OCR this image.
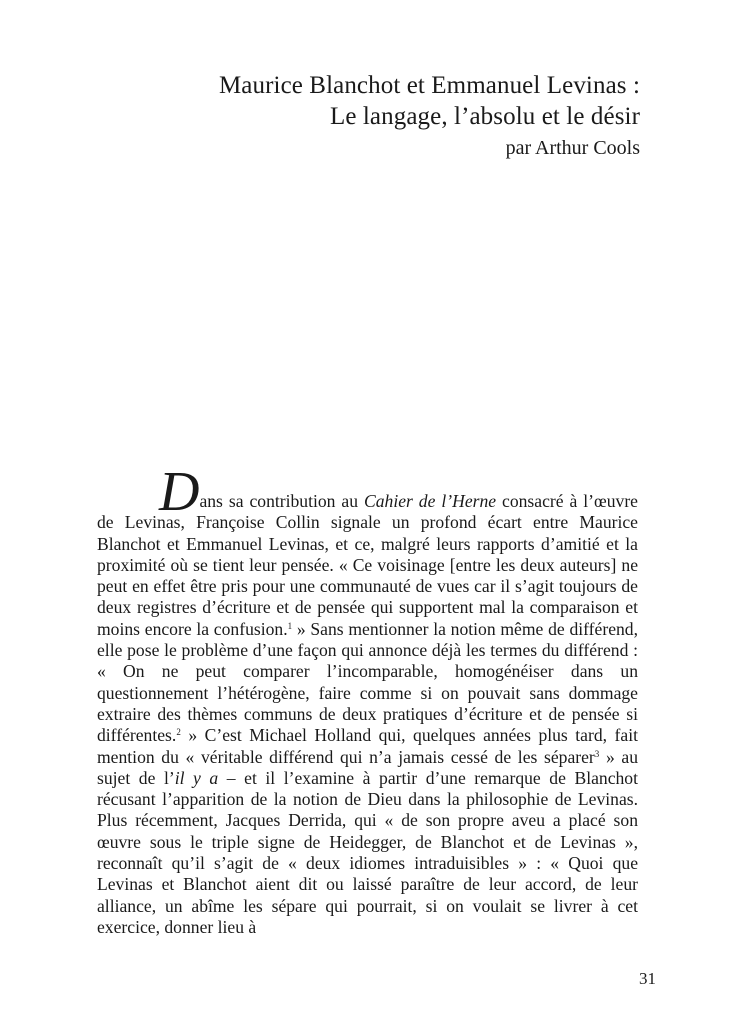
Maurice Blanchot et Emmanuel Levinas :
Le langage, l’absolu et le désir
par Arthur Cools
Dans sa contribution au Cahier de l’Herne consacré à l’œuvre de Levinas, Françoise Collin signale un profond écart entre Maurice Blanchot et Emmanuel Levinas, et ce, malgré leurs rapports d’amitié et la proximité où se tient leur pensée. « Ce voisinage [entre les deux auteurs] ne peut en effet être pris pour une communauté de vues car il s’agit toujours de deux registres d’écriture et de pensée qui supportent mal la comparaison et moins encore la confusion.$^1$ » Sans mentionner la notion même de différend, elle pose le problème d’une façon qui annonce déjà les termes du différend : « On ne peut comparer l’incomparable, homogénéiser dans un questionnement l’hétérogène, faire comme si on pouvait sans dommage extraire des thèmes communs de deux pratiques d’écriture et de pensée si différentes.$^2$ » C’est Michael Holland qui, quelques années plus tard, fait mention du « véritable différend qui n’a jamais cessé de les séparer$^3$ » au sujet de l’il y a – et il l’examine à partir d’une remarque de Blanchot récusant l’apparition de la notion de Dieu dans la philosophie de Levinas. Plus récemment, Jacques Derrida, qui « de son propre aveu a placé son œuvre sous le triple signe de Heidegger, de Blanchot et de Levinas », reconnaît qu’il s’agit de « deux idiomes intraduisibles » : « Quoi que Levinas et Blanchot aient dit ou laissé paraître de leur accord, de leur alliance, un abîme les sépare qui pourrait, si on voulait se livrer à cet exercice, donner lieu à
31
